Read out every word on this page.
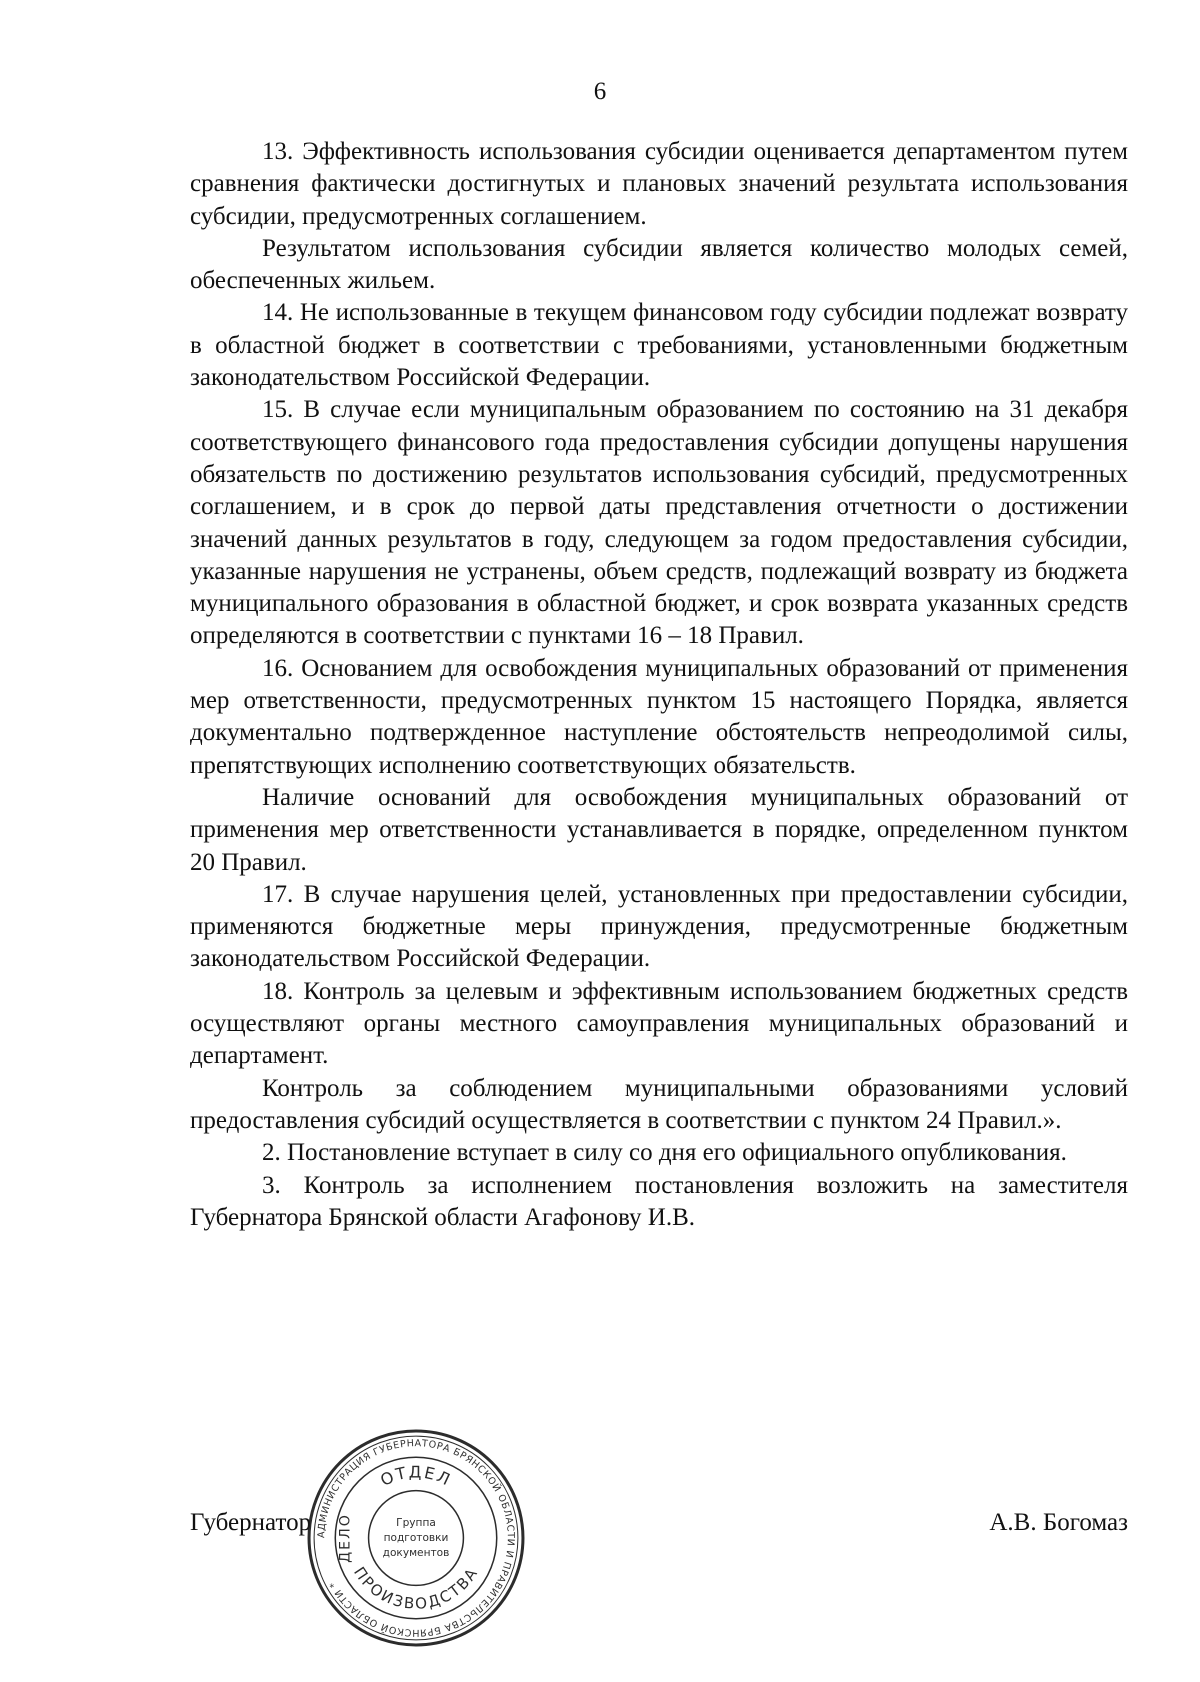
6

13. Эффективность использования субсидии оценивается департаментом путем сравнения фактически достигнутых и плановых значений результата использования субсидии, предусмотренных соглашением.

Результатом использования субсидии является количество молодых семей, обеспеченных жильем.

14. Не использованные в текущем финансовом году субсидии подлежат возврату в областной бюджет в соответствии с требованиями, установленными бюджетным законодательством Российской Федерации.

15. В случае если муниципальным образованием по состоянию на 31 декабря соответствующего финансового года предоставления субсидии допущены нарушения обязательств по достижению результатов использования субсидий, предусмотренных соглашением, и в срок до первой даты представления отчетности о достижении значений данных результатов в году, следующем за годом предоставления субсидии, указанные нарушения не устранены, объем средств, подлежащий возврату из бюджета муниципального образования в областной бюджет, и срок возврата указанных средств определяются в соответствии с пунктами 16 – 18 Правил.

16. Основанием для освобождения муниципальных образований от применения мер ответственности, предусмотренных пунктом 15 настоящего Порядка, является документально подтвержденное наступление обстоятельств непреодолимой силы, препятствующих исполнению соответствующих обязательств.

Наличие оснований для освобождения муниципальных образований от применения мер ответственности устанавливается в порядке, определенном пунктом 20 Правил.

17. В случае нарушения целей, установленных при предоставлении субсидии, применяются бюджетные меры принуждения, предусмотренные бюджетным законодательством Российской Федерации.

18. Контроль за целевым и эффективным использованием бюджетных средств осуществляют органы местного самоуправления муниципальных образований и департамент.

Контроль за соблюдением муниципальными образованиями условий предоставления субсидий осуществляется в соответствии с пунктом 24 Правил.».

2. Постановление вступает в силу со дня его официального опубликования.

3. Контроль за исполнением постановления возложить на заместителя Губернатора Брянской области Агафонову И.В.

Губернатор	А.В. Богомаз
АДМИНИСТРАЦИЯ ГУБЕРНАТОРА БРЯНСКОЙ ОБЛАСТИ И ПРАВИТЕЛЬСТВА БРЯНСКОЙ ОБЛАСТИ *
ОТДЕЛ
ПРОИЗВОДСТВА
ДЕЛО	Группа
подготовки
документов
